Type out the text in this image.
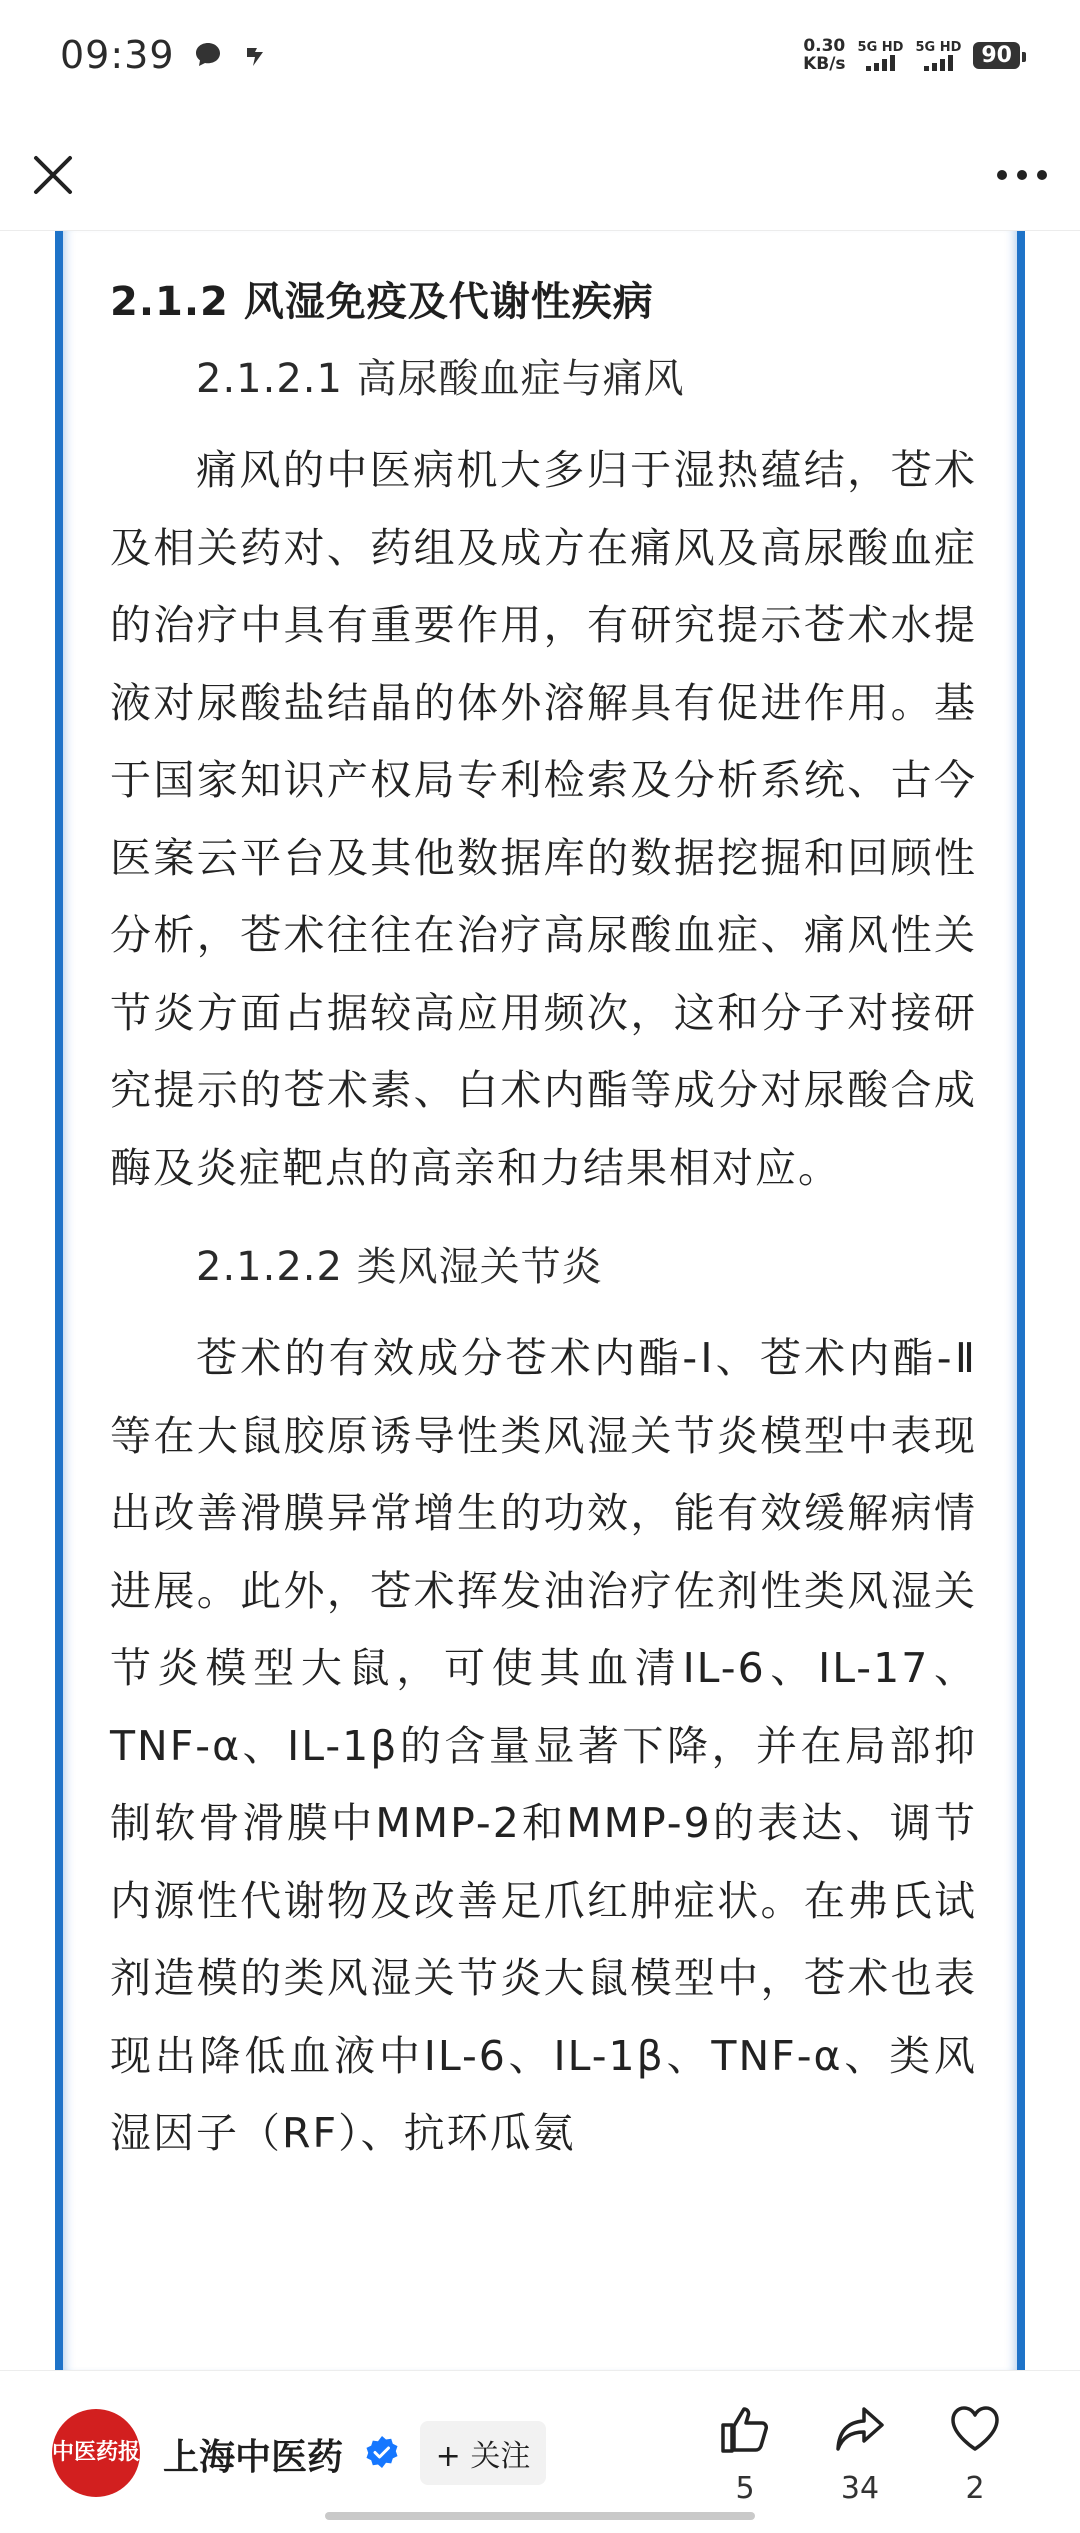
09:39	0.30
KB/s
5G HD 5G HD 90

2.1.2 风湿免疫及代谢性疾病
2.1.2.1 高尿酸血症与痛风

痛风的中医病机大多归于湿热蕴结，苍术及相关药对、药组及成方在痛风及高尿酸血症的治疗中具有重要作用，有研究提示苍术水提液对尿酸盐结晶的体外溶解具有促进作用。基于国家知识产权局专利检索及分析系统、古今医案云平台及其他数据库的数据挖掘和回顾性分析，苍术往往在治疗高尿酸血症、痛风性关节炎方面占据较高应用频次，这和分子对接研究提示的苍术素、白术内酯等成分对尿酸合成酶及炎症靶点的高亲和力结果相对应。

2.1.2.2 类风湿关节炎

苍术的有效成分苍术内酯-Ⅰ、苍术内酯-Ⅱ等在大鼠胶原诱导性类风湿关节炎模型中表现出改善滑膜异常增生的功效，能有效缓解病情进展。此外，苍术挥发油治疗佐剂性类风湿关节炎模型大鼠，可使其血清IL-6、IL-17、TNF-α、IL-1β的含量显著下降，并在局部抑制软骨滑膜中MMP-2和MMP-9的表达、调节内源性代谢物及改善足爪红肿症状。在弗氏试剂造模的类风湿关节炎大鼠模型中，苍术也表现出降低血液中IL-6、IL-1β、TNF-α、类风湿因子（RF）、抗环瓜氨

中医药报 上海中医药	+ 关注
5	34	2
